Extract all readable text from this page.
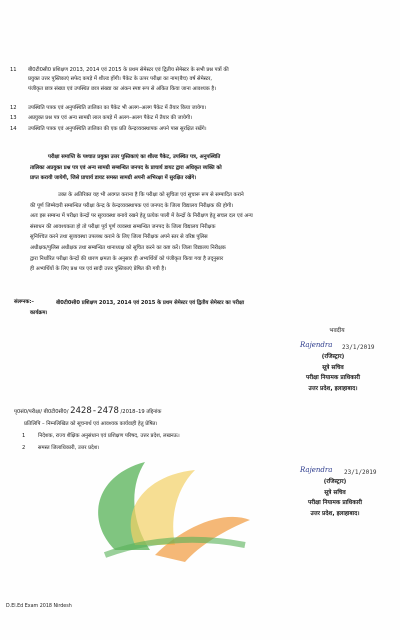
11 बी0टी0सी0 प्रशिक्षण 2013, 2014 एवं 2015 के प्रथम सेमेस्टर एवं द्वितीय सेमेस्टर के सभी प्रश्न पत्रों की
प्रयुक्त उत्तर पुस्तिकाएं सफेद कपड़े में शील्ड होंगी। पैकेट के ऊपर परीक्षा का नाम(बैच) वर्ष सेमेस्टर,
पंजीकृत छात्र संख्या एवं उपस्थित छात्र संख्या का अंकन स्पष्ट रूप से अंकित किया जाना आवश्यक है।
12 उपस्थिति पत्रक एवं अनुपस्थिति तालिका का पैकेट भी अलग–अलग पैकेट में तैयार किया जायेगा।
13 अप्रयुक्त प्रश्न पत्र एवं अन्य सामग्री लाल कपड़े में अलग–अलग पैकेट में तैयार की जायेगी।
14 उपस्थिति पत्रक एवं अनुपस्थिति तालिका की एक प्रति केन्द्रव्यवस्थापक अपने पास सुरक्षित रखेंगे।
परीक्षा समाप्ति के पश्चात प्रयुक्त उत्तर पुस्तिकाएं का शील्ड पैकेट, उपस्थित पत्र, अनुपस्थिति
तालिका अप्रयुक्त प्रश्न पत्र एवं अन्य सामग्री सम्बन्धित जनपद के प्राचार्य डायट द्वारा अधिकृत व्यक्ति को
प्राप्त करायी जायेगी, जिसे प्राचार्य डायट समस्त सामग्री अपनी अभिरक्षा में सुरक्षित रखेंगे।
उक्त के अतिरिक्त यह भी अवगत कराना है कि परीक्षा को सुचिता एवं सुचारू रूप से सम्पादित कराने
की पूर्ण जिम्मेदारी सम्बन्धित परीक्षा केन्द्र के केन्द्रव्यवस्थापक एवं जनपद के जिला विद्यालय निरीक्षक की होगी।
अतः इस सम्बन्ध में परीक्षा केन्द्रों पर सुव्यवस्था बनाये रखने हेतु प्रत्येक पाली में केन्द्रों के निरीक्षण हेतु सचल दल एवं अन्य
संसाधन की आवश्यकता हो तो परीक्षा पूर्व पूर्ण व्यवस्था सम्बन्धित जनपद के जिला विद्यालय निरीक्षक
सुनिश्चित करने तथा सुव्यवस्था उपलब्ध कराने के लिए जिला निरीक्षक अपने स्तर से वरिष्ठ पुलिस
अधीक्षक/पुलिस अधीक्षक तथा सम्बन्धित थानाध्यक्ष को सूचित करने का कष्ट करें। जिला विद्यालय निरीक्षक
द्वारा निर्धारित परीक्षा केन्द्रों की धारण क्षमता के अनुसार ही अभ्यर्थियों को पंजीकृत किया गया है तद्नुसार
ही अभ्यर्थियों के लिए प्रश्न पत्र एवं सादी उत्तर पुस्तिकाएं प्रेषित की गयी है।
संलग्नक:–	बी0टी0सी0 प्रशिक्षण 2013, 2014 एवं 2015 के प्रथम सेमेस्टर एवं द्वितीय सेमेस्टर का परीक्षा
कार्यक्रम।
भवदीय
Rajendra 23/1/2019
(रजिस्ट्रार)
सूत्रे सचिव
परीक्षा नियामक प्राधिकारी
उत्तर प्रदेश, इलाहाबाद।
पृ0सं0/परीक्षा/ बी0टी0सी0/ 2428-2478 /2018–19 तद्दिनांक
प्रतिलिपि – निम्नलिखित को सूचनार्थ एवं आवश्यक कार्यवाही हेतु प्रेषित।
1 निदेशक, राज्य शैक्षिक अनुसंधान एवं प्रशिक्षण परिषद, उत्तर प्रदेश, लखनऊ।
2 समस्त जिलाधिकारी, उत्तर प्रदेश।
Rajendra 23/1/2019
(रजिस्ट्रार)
सूत्रे सचिव
परीक्षा नियामक प्राधिकारी
उत्तर प्रदेश, इलाहाबाद।
D.El.Ed Exam 2018 Nirdesh
